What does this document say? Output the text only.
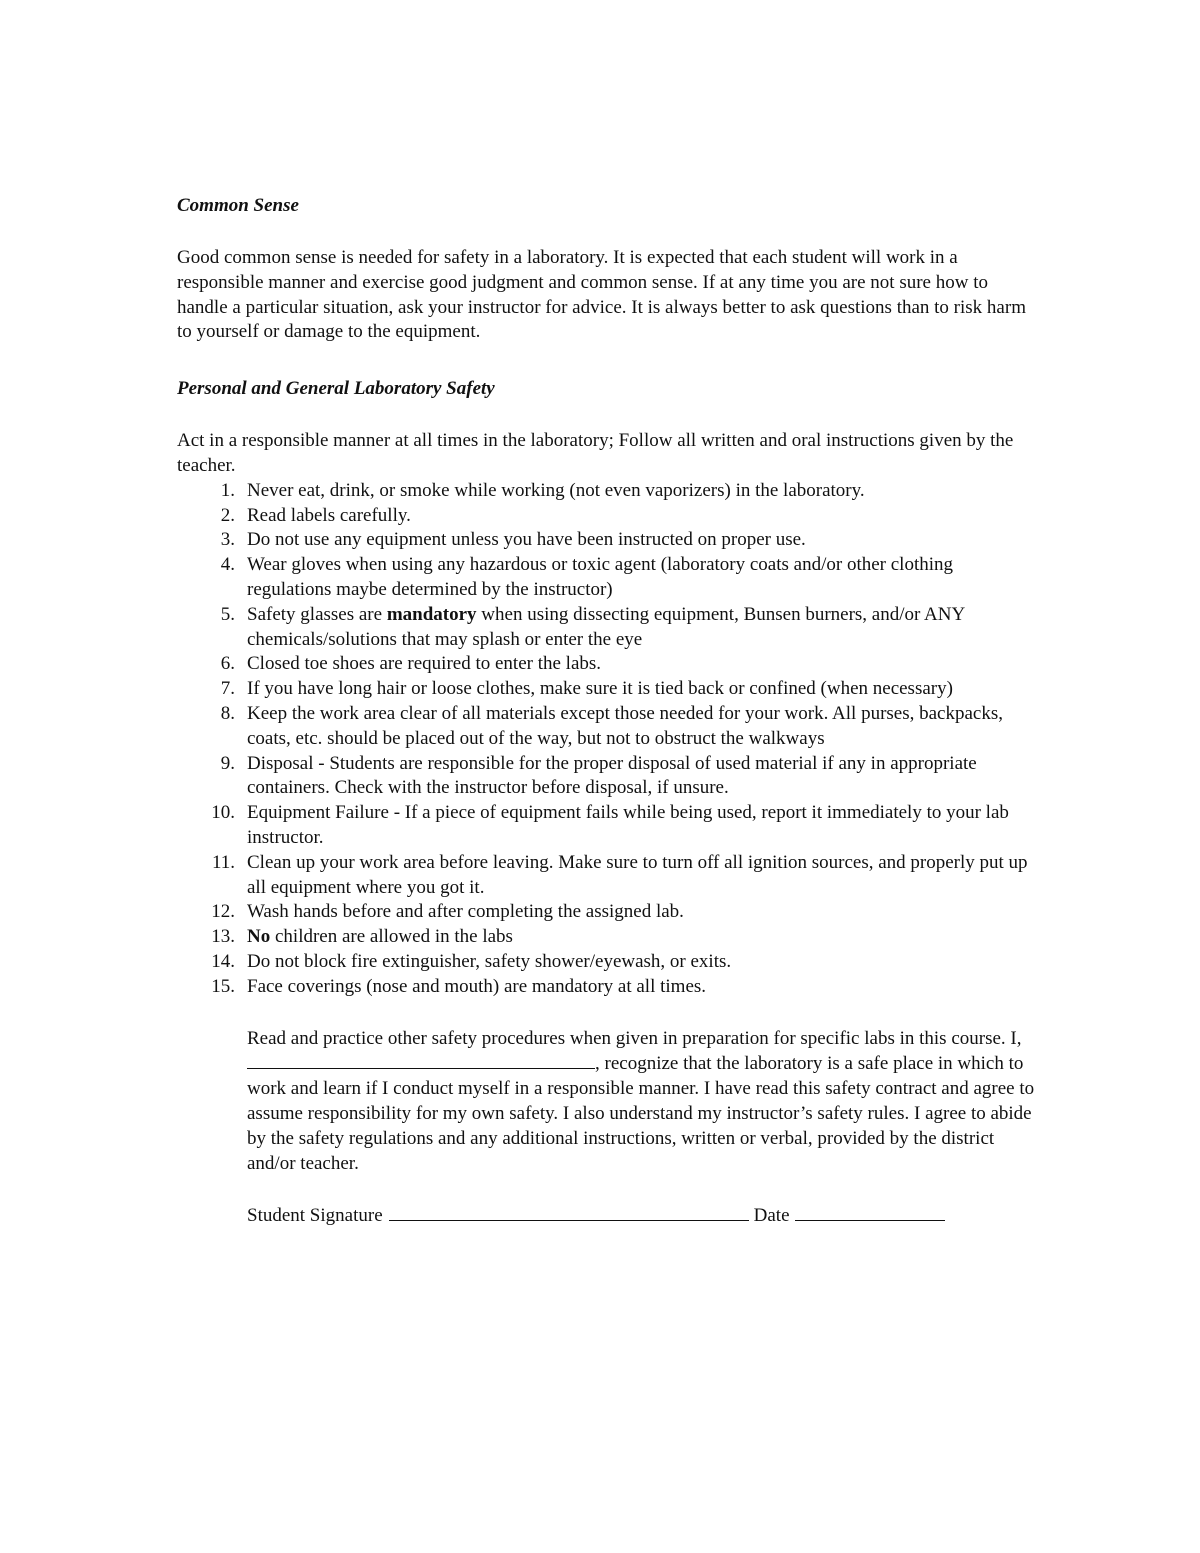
Common Sense

Good common sense is needed for safety in a laboratory. It is expected that each student will work in a responsible manner and exercise good judgment and common sense. If at any time you are not sure how to handle a particular situation, ask your instructor for advice. It is always better to ask questions than to risk harm to yourself or damage to the equipment.

Personal and General Laboratory Safety

Act in a responsible manner at all times in the laboratory; Follow all written and oral instructions given by the teacher.

1. Never eat, drink, or smoke while working (not even vaporizers) in the laboratory.
2. Read labels carefully.
3. Do not use any equipment unless you have been instructed on proper use.
4. Wear gloves when using any hazardous or toxic agent (laboratory coats and/or other clothing regulations maybe determined by the instructor)
5. Safety glasses are mandatory when using dissecting equipment, Bunsen burners, and/or ANY chemicals/solutions that may splash or enter the eye
6. Closed toe shoes are required to enter the labs.
7. If you have long hair or loose clothes, make sure it is tied back or confined (when necessary)
8. Keep the work area clear of all materials except those needed for your work. All purses, backpacks, coats, etc. should be placed out of the way, but not to obstruct the walkways
9. Disposal - Students are responsible for the proper disposal of used material if any in appropriate containers. Check with the instructor before disposal, if unsure.
10. Equipment Failure - If a piece of equipment fails while being used, report it immediately to your lab instructor.
11. Clean up your work area before leaving. Make sure to turn off all ignition sources, and properly put up all equipment where you got it.
12. Wash hands before and after completing the assigned lab.
13. No children are allowed in the labs
14. Do not block fire extinguisher, safety shower/eyewash, or exits.
15. Face coverings (nose and mouth) are mandatory at all times.

Read and practice other safety procedures when given in preparation for specific labs in this course. I, , recognize that the laboratory is a safe place in which to work and learn if I conduct myself in a responsible manner. I have read this safety contract and agree to assume responsibility for my own safety. I also understand my instructor’s safety rules. I agree to abide by the safety regulations and any additional instructions, written or verbal, provided by the district and/or teacher.

Student Signature	Date
